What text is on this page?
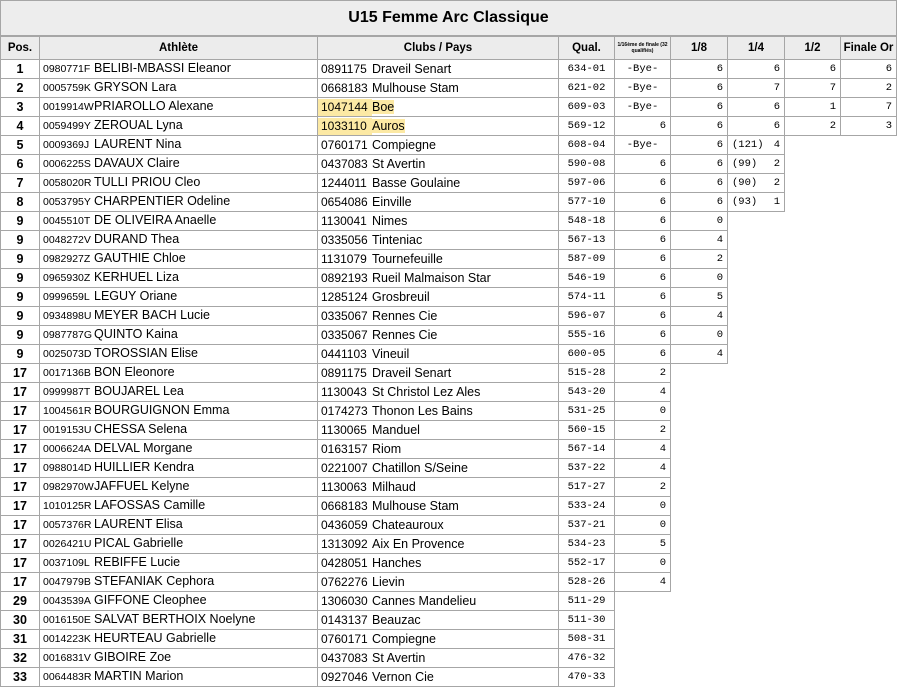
U15 Femme Arc Classique
Pos.	Athlète	Clubs / Pays	Qual.	1/16ème de finale (32 qualifiés)	1/8	1/4	1/2	Finale Or
1	0980771F BELIBI-MBASSI Eleanor	0891175 Draveil Senart	634-01	-Bye-	6	6	6	6
2	0005759K GRYSON Lara	0668183 Mulhouse Stam	621-02	-Bye-	6	7	7	2
3	0019914WPRIAROLLO Alexane	1047144 Boe	609-03	-Bye-	6	6	1	7
4	0059499Y ZEROUAL Lyna	1033110 Auros	569-12	6	6	6	2	3
5	0009369J LAURENT Nina	0760171 Compiegne	608-04	-Bye-	6	(121) 4		

6	0006225S DAVAUX Claire	0437083 St Avertin	590-08	6	6	(99) 2		

7	0058020R TULLI PRIOU Cleo	1244011 Basse Goulaine	597-06	6	6	(90) 2		

8	0053795Y CHARPENTIER Odeline	0654086 Einville	577-10	6	6	(93) 1		

9	0045510T DE OLIVEIRA Anaelle	1130041 Nimes	548-18	6	0			
9	0048272V DURAND Thea	0335056 Tinteniac	567-13	6	4			
9	0982927Z GAUTHIE Chloe	1131079 Tournefeuille	587-09	6	2			
9	0965930Z KERHUEL Liza	0892193 Rueil Malmaison Star	546-19	6	0			
9	0999659L LEGUY Oriane	1285124 Grosbreuil	574-11	6	5			
9	0934898U MEYER BACH Lucie	0335067 Rennes Cie	596-07	6	4			
9	0987787G QUINTO Kaina	0335067 Rennes Cie	555-16	6	0			
9	0025073D TOROSSIAN Elise	0441103 Vineuil	600-05	6	4			
17	0017136B BON Eleonore	0891175 Draveil Senart	515-28	2				
17	0999987T BOUJAREL Lea	1130043 St Christol Lez Ales	543-20	4				
17	1004561R BOURGUIGNON Emma	0174273 Thonon Les Bains	531-25	0				
17	0019153U CHESSA Selena	1130065 Manduel	560-15	2				
17	0006624A DELVAL Morgane	0163157 Riom	567-14	4				
17	0988014D HUILLIER Kendra	0221007 Chatillon S/Seine	537-22	4				
17	0982970WJAFFUEL Kelyne	1130063 Milhaud	517-27	2				
17	1010125R LAFOSSAS Camille	0668183 Mulhouse Stam	533-24	0				
17	0057376R LAURENT Elisa	0436059 Chateauroux	537-21	0				
17	0026421U PICAL Gabrielle	1313092 Aix En Provence	534-23	5				
17	0037109L REBIFFE Lucie	0428051 Hanches	552-17	0				
17	0047979B STEFANIAK Cephora	0762276 Lievin	528-26	4				
29	0043539A GIFFONE Cleophee	1306030 Cannes Mandelieu	511-29					
30	0016150E SALVAT BERTHOIX Noelyne	0143137 Beauzac	511-30					
31	0014223K HEURTEAU Gabrielle	0760171 Compiegne	508-31					
32	0016831V GIBOIRE Zoe	0437083 St Avertin	476-32					
33	0064483R MARTIN Marion	0927046 Vernon Cie	470-33					
